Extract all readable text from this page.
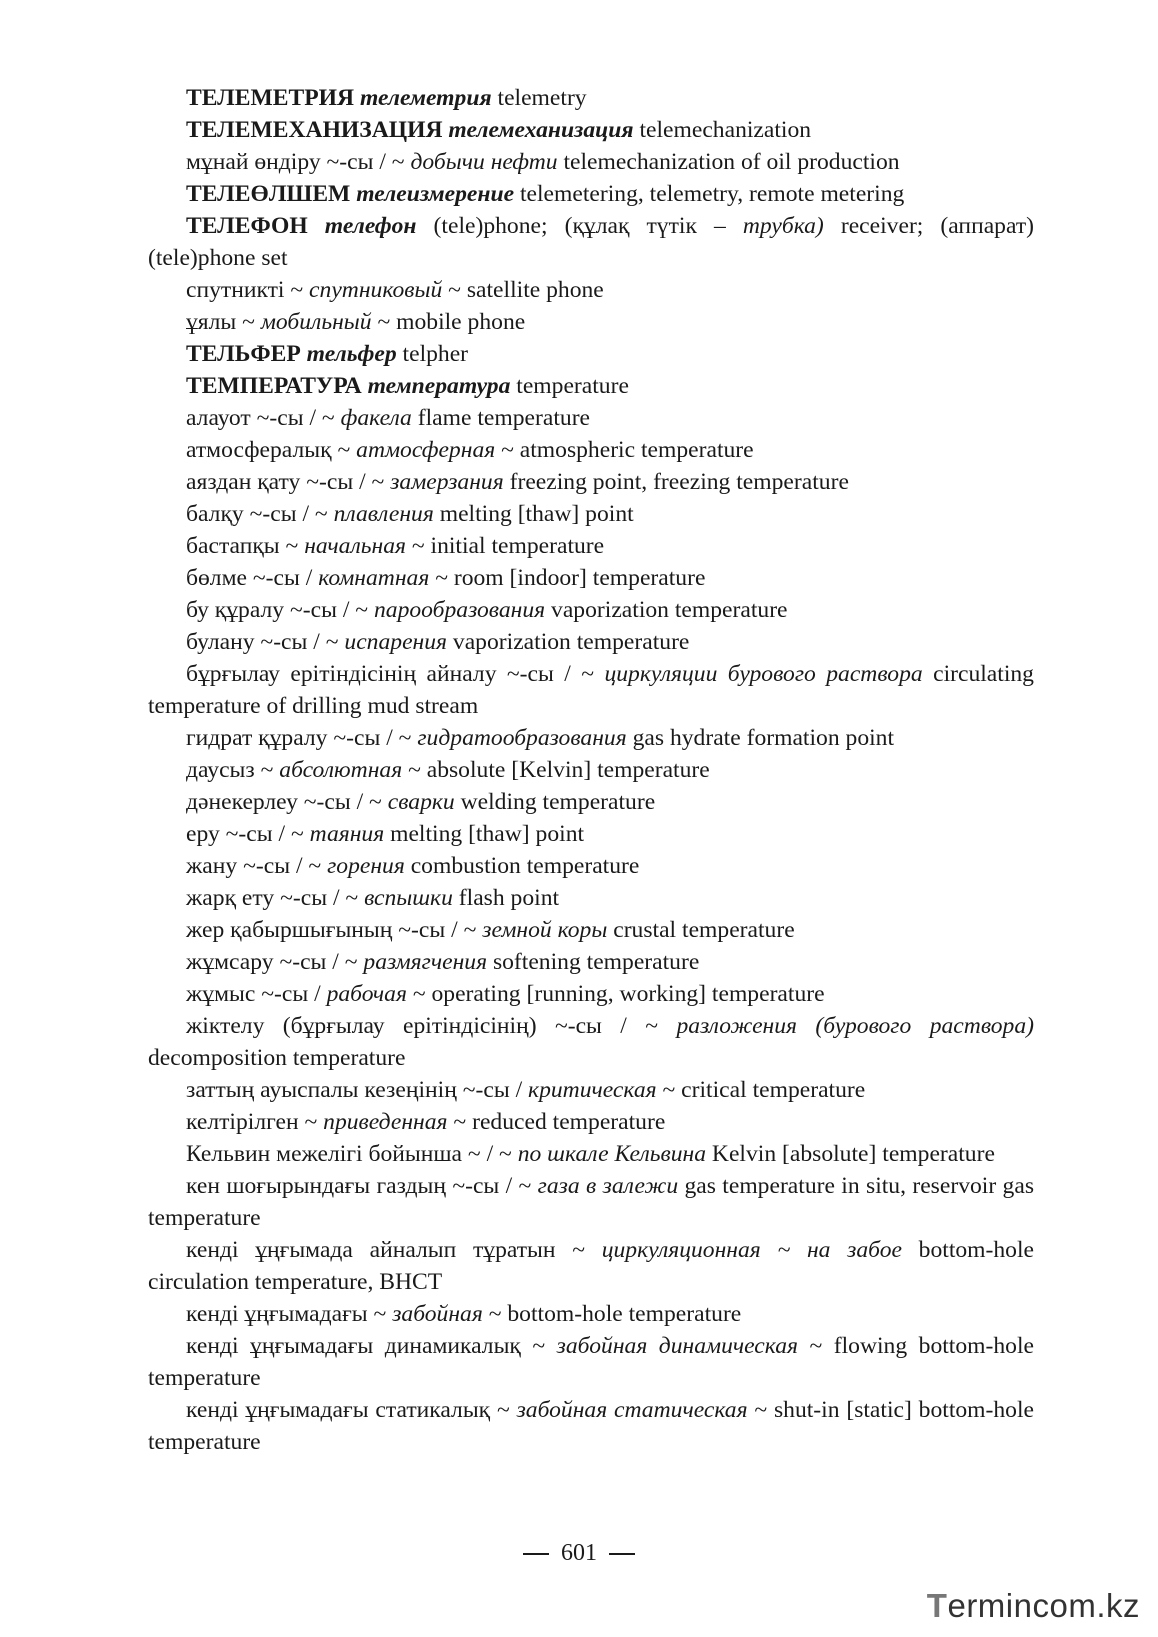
ТЕЛЕМЕТРИЯ телеметрия telemetry

ТЕЛЕМЕХАНИЗАЦИЯ телемеханизация telemechanization

мұнай өндіру ~-сы / ~ добычи нефти telemechanization of oil production

ТЕЛЕӨЛШЕМ телеизмерение telemetering, telemetry, remote metering

ТЕЛЕФОН телефон (tele)phone; (құлақ түтік – трубка) receiver; (аппарат) (tele)phone set

спутникті ~ спутниковый ~ satellite phone

ұялы ~ мобильный ~ mobile phone

ТЕЛЬФЕР тельфер telpher

ТЕМПЕРАТУРА температура temperature

алауот ~-сы / ~ факела flame temperature

атмосфералық ~ атмосферная ~ atmospheric temperature

аяздан қату ~-сы / ~ замерзания freezing point, freezing temperature

балқу ~-сы / ~ плавления melting [thaw] point

бастапқы ~ начальная ~ initial temperature

бөлме ~-сы / комнатная ~ room [indoor] temperature

бу құралу ~-сы / ~ парообразования vaporization temperature

булану ~-сы / ~ испарения vaporization temperature

бұрғылау ерітіндісінің айналу ~-сы / ~ циркуляции бурового раствора circulating temperature of drilling mud stream

гидрат құралу ~-сы / ~ гидратообразования gas hydrate formation point

даусыз ~ абсолютная ~ absolute [Kelvin] temperature

дәнекерлеу ~-сы / ~ сварки welding temperature

еру ~-сы / ~ таяния melting [thaw] point

жану ~-сы / ~ горения combustion temperature

жарқ ету ~-сы / ~ вспышки flash point

жер қабыршығының ~-сы / ~ земной коры crustal temperature

жұмсару ~-сы / ~ размягчения softening temperature

жұмыс ~-сы / рабочая ~ operating [running, working] temperature

жіктелу (бұрғылау ерітіндісінің) ~-сы / ~ разложения (бурового раствора) decomposition temperature

заттың ауыспалы кезеңінің ~-сы / критическая ~ critical temperature

келтірілген ~ приведенная ~ reduced temperature

Кельвин межелігі бойынша ~ / ~ по шкале Кельвина Kelvin [absolute] temperature

кен шоғырындағы газдың ~-сы / ~ газа в залежи gas temperature in situ, reservoir gas temperature

кенді ұңғымада айналып тұратын ~ циркуляционная ~ на забое bottom-hole circulation temperature, BHCT

кенді ұңғымадағы ~ забойная ~ bottom-hole temperature

кенді ұңғымадағы динамикалық ~ забойная динамическая ~ flowing bottom-hole temperature

кенді ұңғымадағы статикалық ~ забойная статическая ~ shut-in [static] bottom-hole temperature

601
Termincom.kz
